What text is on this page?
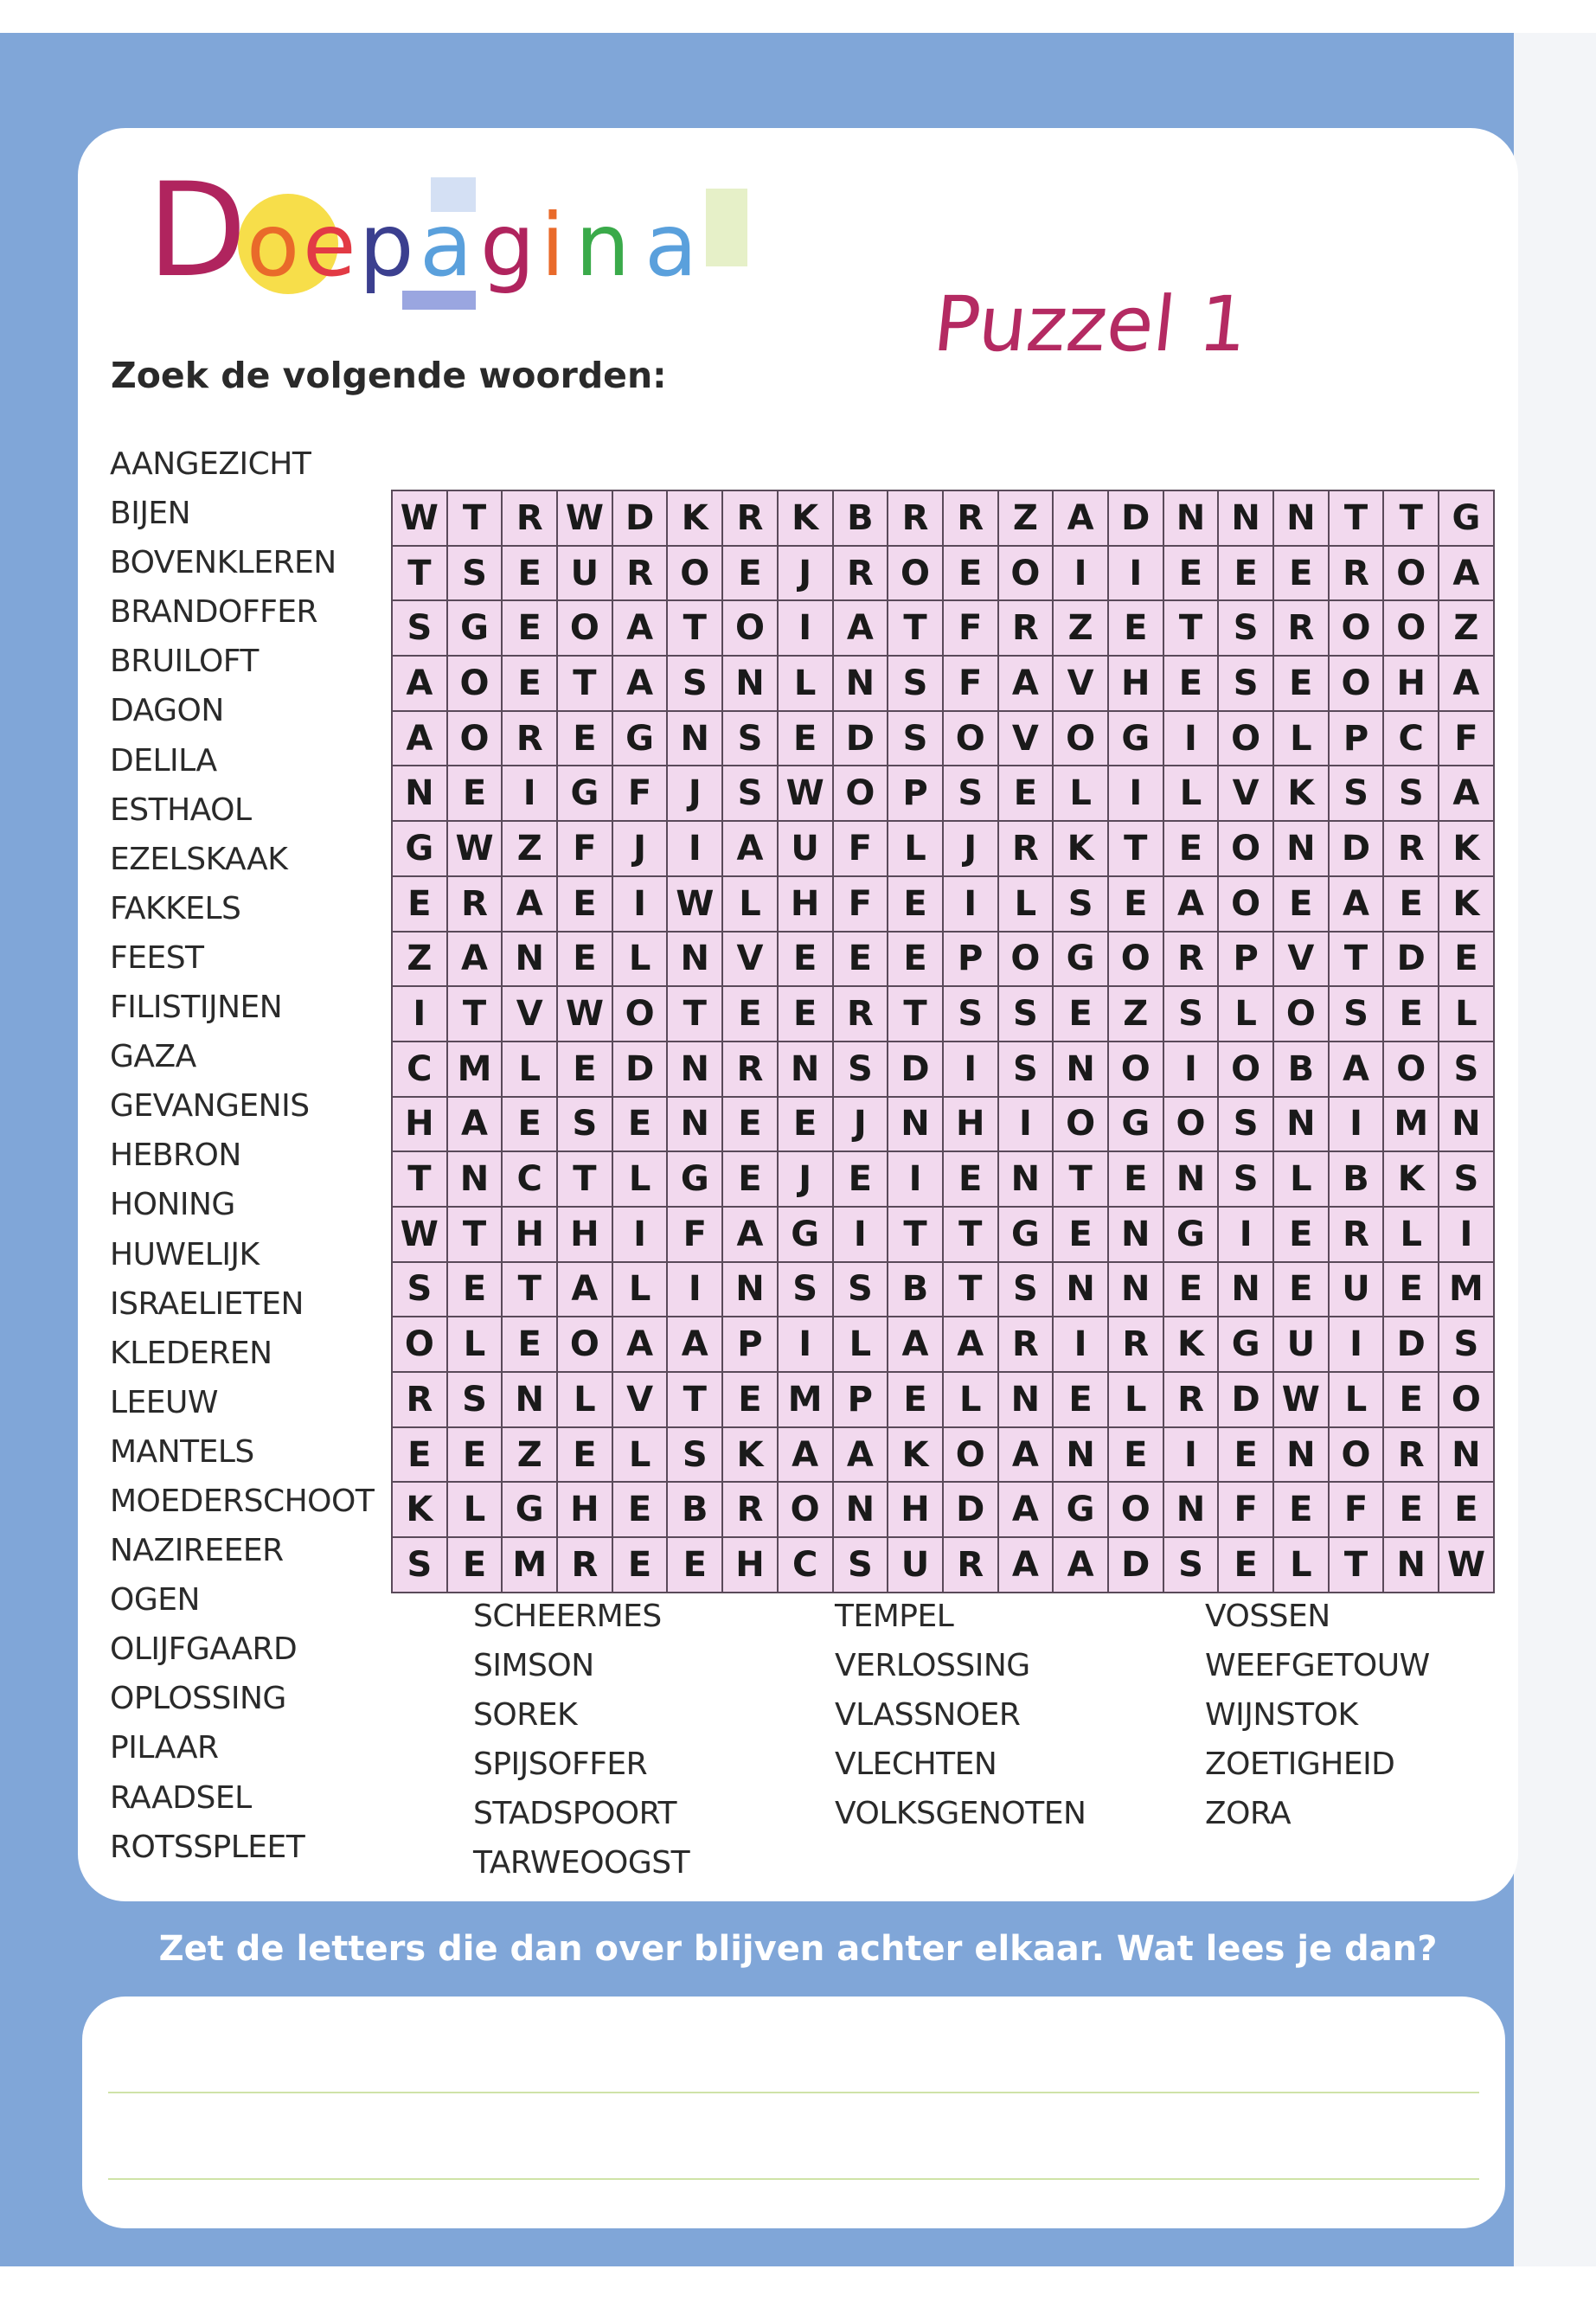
D o e p a g i n a
Puzzel 1
Zoek de volgende woorden:
AANGEZICHT
BIJEN
BOVENKLEREN
BRANDOFFER
BRUILOFT
DAGON
DELILA
ESTHAOL
EZELSKAAK
FAKKELS
FEEST
FILISTIJNEN
GAZA
GEVANGENIS
HEBRON
HONING
HUWELIJK
ISRAELIETEN
KLEDEREN
LEEUW
MANTELS
MOEDERSCHOOT
NAZIREEER
OGEN
OLIJFGAARD
OPLOSSING
PILAAR
RAADSEL
ROTSSPLEET
W T R W D K R K B R R Z A D N N N T T G
T S E U R O E	J	R O E O I	I	E E E R O A
S G E O A T O I	A T F R Z E T S R O O Z
A O E T A S N L N S F A V H E S E O H A
A O R E G N S E D S O V O G I O L P C F
N E	I G F	J	S W O P S E L	I	L V K S S A
G W Z F	J	I	A U F L	J	R K T E O N D R K
E R A E	I W L H F E	I	L S E A O E A E K
Z A N E L N V E E E P O G O R P V T D E
I	T V W O T E E R T S S E Z S L O S E L
C M L E D N R N S D I	S N O I O B A O S
H A E S E N E E	J N H I O G O S N I M N
T N C T L G E	J	E	I	E N T E N S L B K S
W T H H I	F A G I	T T G E N G I	E R L	I
S E T A L	I N S S B T S N N E N E U E M
O L E O A A P	I	L A A R	I	R K G U	I D S
R S N L V T E M P E L N E L R D W L E O
E E Z E L S K A A K O A N E	I	E N O R N
K L G H E B R O N H D A G O N F E F E E
S E M R E E H C S U R A A D S E L T N W
SCHEERMES
SIMSON
SOREK
SPIJSOFFER
STADSPOORT
TARWEOOGST
TEMPEL
VERLOSSING
VLASSNOER
VLECHTEN
VOLKSGENOTEN
VOSSEN
WEEFGETOUW
WIJNSTOK
ZOETIGHEID
ZORA
Zet de letters die dan over blijven achter elkaar. Wat lees je dan?
